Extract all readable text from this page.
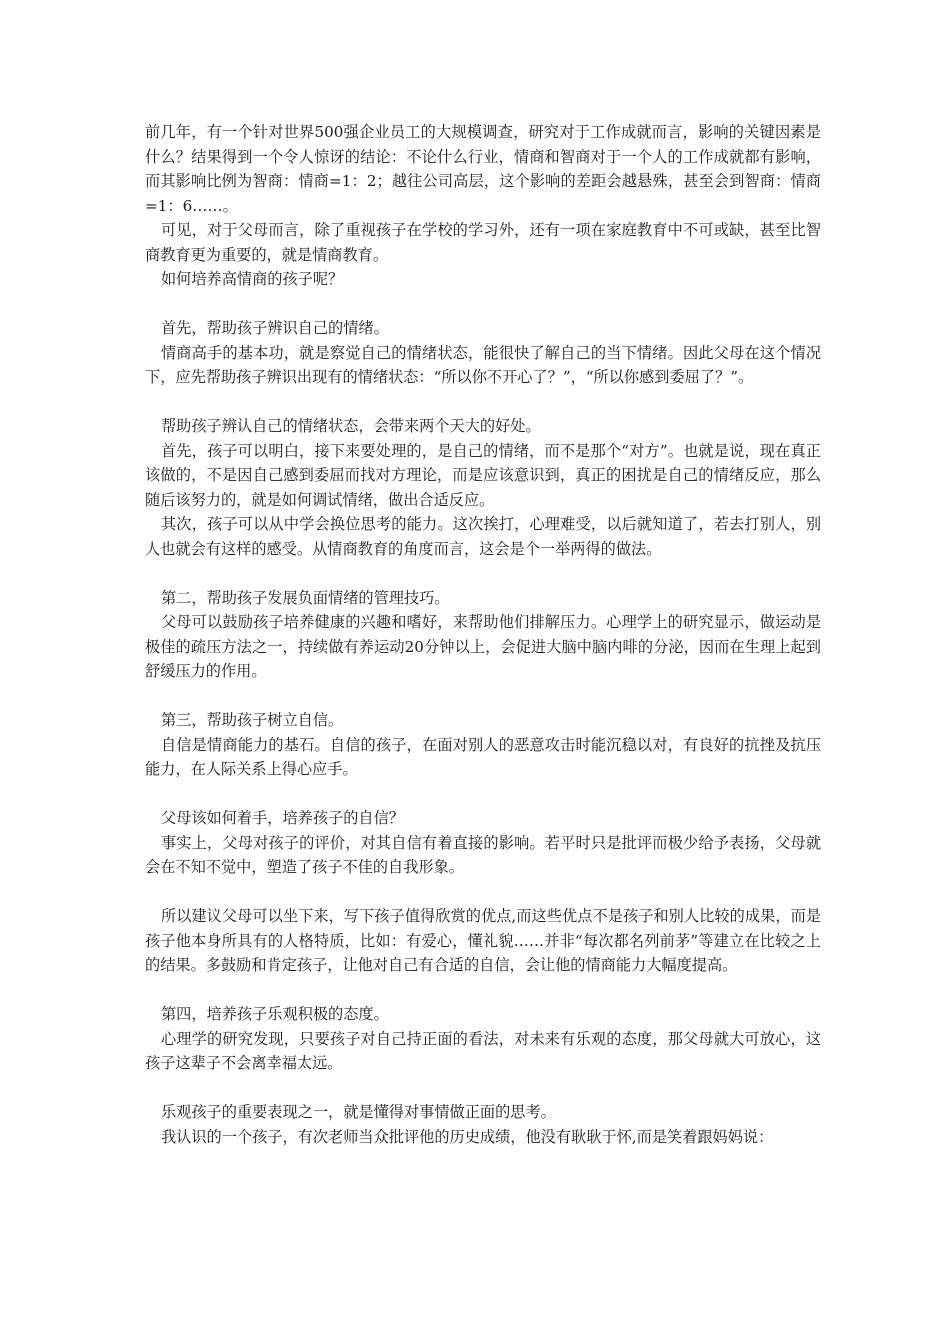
前几年，有一个针对世界500强企业员工的大规模调查，研究对于工作成就而言，影响的关键因素是什么？结果得到一个令人惊讶的结论：不论什么行业，情商和智商对于一个人的工作成就都有影响，而其影响比例为智商：情商=1：2；越往公司高层，这个影响的差距会越悬殊，甚至会到智商：情商=1：6……。

可见，对于父母而言，除了重视孩子在学校的学习外，还有一项在家庭教育中不可或缺，甚至比智商教育更为重要的，就是情商教育。

如何培养高情商的孩子呢？

首先，帮助孩子辨识自己的情绪。

情商高手的基本功，就是察觉自己的情绪状态，能很快了解自己的当下情绪。因此父母在这个情况下，应先帮助孩子辨识出现有的情绪状态：“所以你不开心了？”，“所以你感到委屈了？”。

帮助孩子辨认自己的情绪状态，会带来两个天大的好处。

首先，孩子可以明白，接下来要处理的，是自己的情绪，而不是那个“对方”。也就是说，现在真正该做的，不是因自己感到委屈而找对方理论，而是应该意识到，真正的困扰是自己的情绪反应，那么随后该努力的，就是如何调试情绪，做出合适反应。

其次，孩子可以从中学会换位思考的能力。这次挨打，心理难受，以后就知道了，若去打别人，别人也就会有这样的感受。从情商教育的角度而言，这会是个一举两得的做法。

第二，帮助孩子发展负面情绪的管理技巧。

父母可以鼓励孩子培养健康的兴趣和嗜好，来帮助他们排解压力。心理学上的研究显示，做运动是极佳的疏压方法之一，持续做有养运动20分钟以上，会促进大脑中脑内啡的分泌，因而在生理上起到舒缓压力的作用。

第三，帮助孩子树立自信。

自信是情商能力的基石。自信的孩子，在面对别人的恶意攻击时能沉稳以对，有良好的抗挫及抗压能力，在人际关系上得心应手。

父母该如何着手，培养孩子的自信？

事实上，父母对孩子的评价，对其自信有着直接的影响。若平时只是批评而极少给予表扬，父母就会在不知不觉中，塑造了孩子不佳的自我形象。

所以建议父母可以坐下来，写下孩子值得欣赏的优点,而这些优点不是孩子和别人比较的成果，而是孩子他本身所具有的人格特质，比如：有爱心，懂礼貌……并非“每次都名列前茅”等建立在比较之上的结果。多鼓励和肯定孩子，让他对自己有合适的自信，会让他的情商能力大幅度提高。

第四，培养孩子乐观积极的态度。

心理学的研究发现，只要孩子对自己持正面的看法，对未来有乐观的态度，那父母就大可放心，这孩子这辈子不会离幸福太远。

乐观孩子的重要表现之一，就是懂得对事情做正面的思考。

我认识的一个孩子，有次老师当众批评他的历史成绩，他没有耿耿于怀,而是笑着跟妈妈说：
